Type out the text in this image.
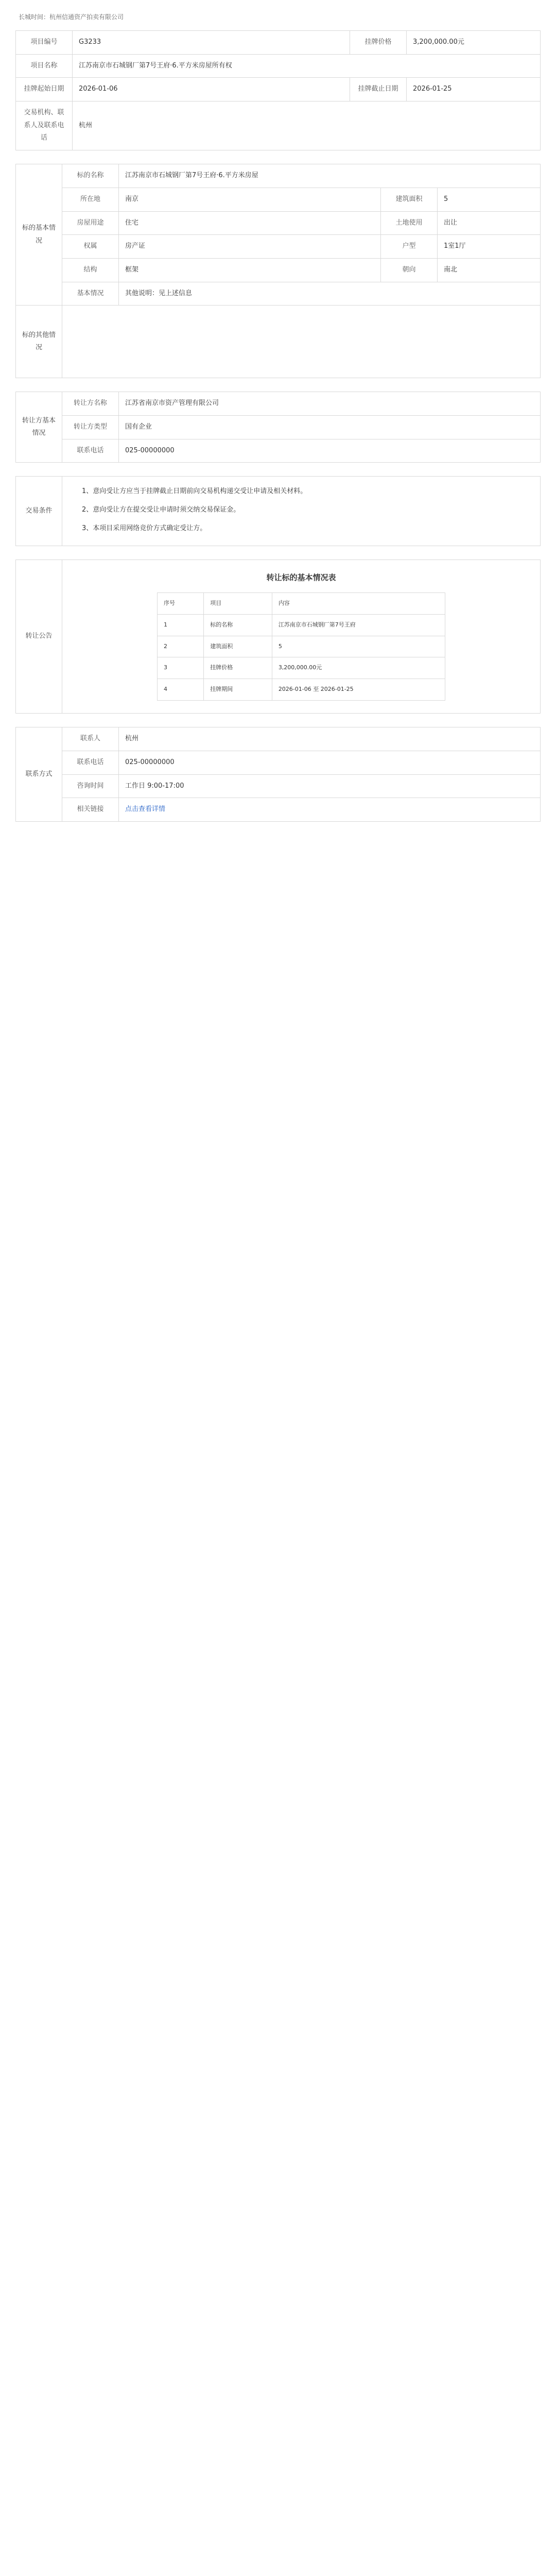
长城时间：杭州信通资产拍卖有限公司
项目编号	G3233	挂牌价格	3,200,000.00元
项目名称	江苏南京市石城钢厂第7号王府·6.平方米房屋所有权		
挂牌起始日期	2026-01-06	挂牌截止日期	2026-01-25
交易机构、联系人及联系电话	杭州		
标的基本情况	标的名称	江苏南京市石城钢厂第7号王府·6.平方米房屋		
	所在地	南京	建筑面积	5
	房屋用途	住宅	土地使用	出让
	权属	房产证	户型	1室1厅
	结构	框架	朝向	南北
	基本情况	其他说明：见上述信息		
标的其他情况				
转让方基本情况	转让方名称	江苏省南京市资产管理有限公司
	转让方类型	国有企业
	联系电话	025-00000000
交易条件	

1、意向受让方应当于挂牌截止日期前向交易机构递交受让申请及相关材料。

2、意向受让方在提交受让申请时须交纳交易保证金。

3、本项目采用网络竞价方式确定受让方。

转让公告	
转让标的基本情况表
序号	项目	内容
1	标的名称	江苏南京市石城钢厂第7号王府
2	建筑面积	5
3	挂牌价格	3,200,000.00元
4	挂牌期间	2026-01-06 至 2026-01-25
联系方式	联系人	杭州
	联系电话	025-00000000
	咨询时间	工作日 9:00-17:00
	相关链接	点击查看详情
